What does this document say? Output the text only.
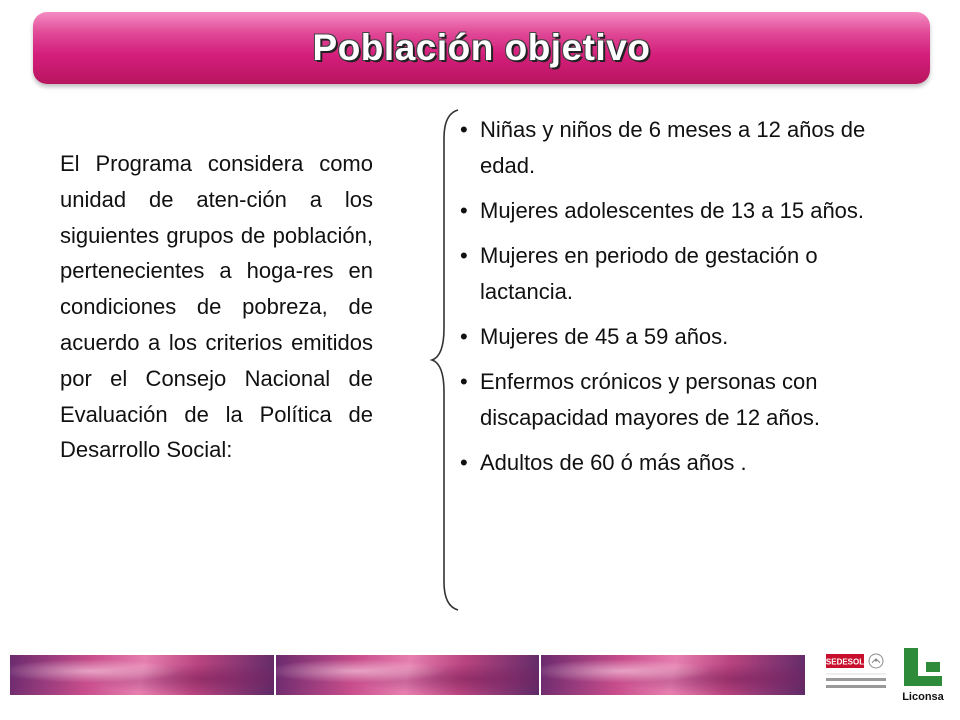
Población objetivo

El Programa considera como unidad de aten-ción a los siguientes grupos de población, pertenecientes a hoga-res en condiciones de pobreza, de acuerdo a los criterios emitidos por el Consejo Nacional de Evaluación de la Política de Desarrollo Social:

• Niñas y niños de 6 meses a 12 años de edad.
• Mujeres adolescentes de 13 a 15 años.
• Mujeres en periodo de gestación o lactancia.
• Mujeres de 45 a 59 años.
• Enfermos crónicos y personas con discapacidad mayores de 12 años.
• Adultos de 60 ó más años .
SEDESOL
Liconsa
